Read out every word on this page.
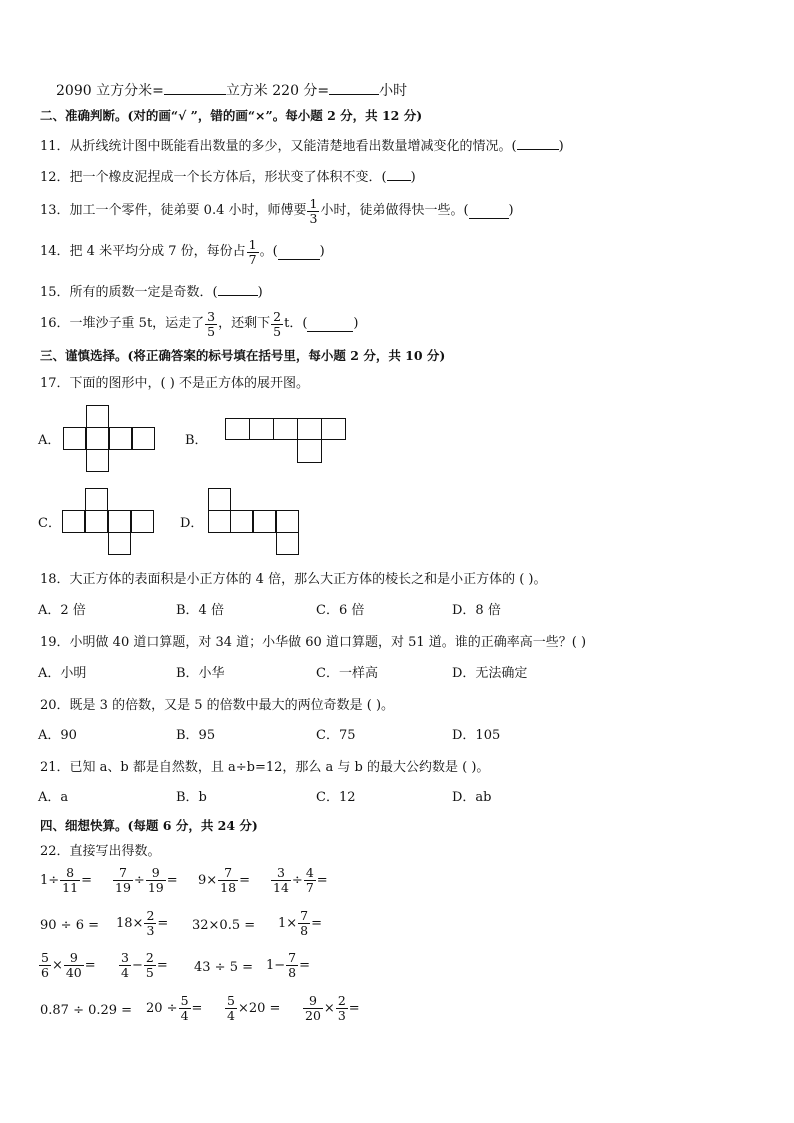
2090 立方分米=	立方米 220 分=	小时
二、准确判断。(对的画“√ ”，错的画“×”。每小题 2 分，共 12 分)
11．从折线统计图中既能看出数量的多少，又能清楚地看出数量增减变化的情况。(	)
12．把一个橡皮泥捏成一个长方体后，形状变了体积不变．( )
13．加工一个零件，徒弟要 0.4 小时，师傅要 $\frac{1}{3}$ 小时，徒弟做得快一些。(	)
14．把 4 米平均分成 7 份，每份占 $\frac{1}{7}$ 。(	)
15．所有的质数一定是奇数．(	)
16．一堆沙子重 5t，运走了 $\frac{3}{5}$ ，还剩下 $\frac{2}{5}$ t．(	)
三、谨慎选择。(将正确答案的标号填在括号里，每小题 2 分，共 10 分)
17．下面的图形中，( ) 不是正方体的展开图。
A．	B．
C．	D．
18．大正方体的表面积是小正方体的 4 倍，那么大正方体的棱长之和是小正方体的 ( )。
A．2 倍	B．4 倍	C．6 倍	D．8 倍
19．小明做 40 道口算题，对 34 道；小华做 60 道口算题，对 51 道。谁的正确率高一些？( )
A．小明	B．小华	C．一样高	D．无法确定
20．既是 3 的倍数，又是 5 的倍数中最大的两位奇数是 ( )。
A．90	B．95	C．75	D．105
21．已知 a、b 都是自然数，且 a÷b=12，那么 a 与 b 的最大公约数是 ( )。
A．a	B．b	C．12	D．ab
四、细想快算。(每题 6 分，共 24 分)
22．直接写出得数。
$1\div \frac{8}{11} = \frac{7}{19} \div \frac{9}{19} = 9\times \frac{7}{18} = \frac{3}{14} \div \frac{4}{7}$ =
$90 \div 6 = 18\times \frac{2}{3} = 32\times 0.5 = 1\times \frac{7}{8}$ =
$\frac{5}{6} \times \frac{9}{40} = \frac{3}{4} - \frac{2}{5} = 43 \div 5 = 1- \frac{7}{8}$ =
$0.87 \div 0.29 = 20 \div \frac{5}{4} = \frac{5}{4} \times 20 = \frac{9}{20} \times \frac{2}{3}$ =
